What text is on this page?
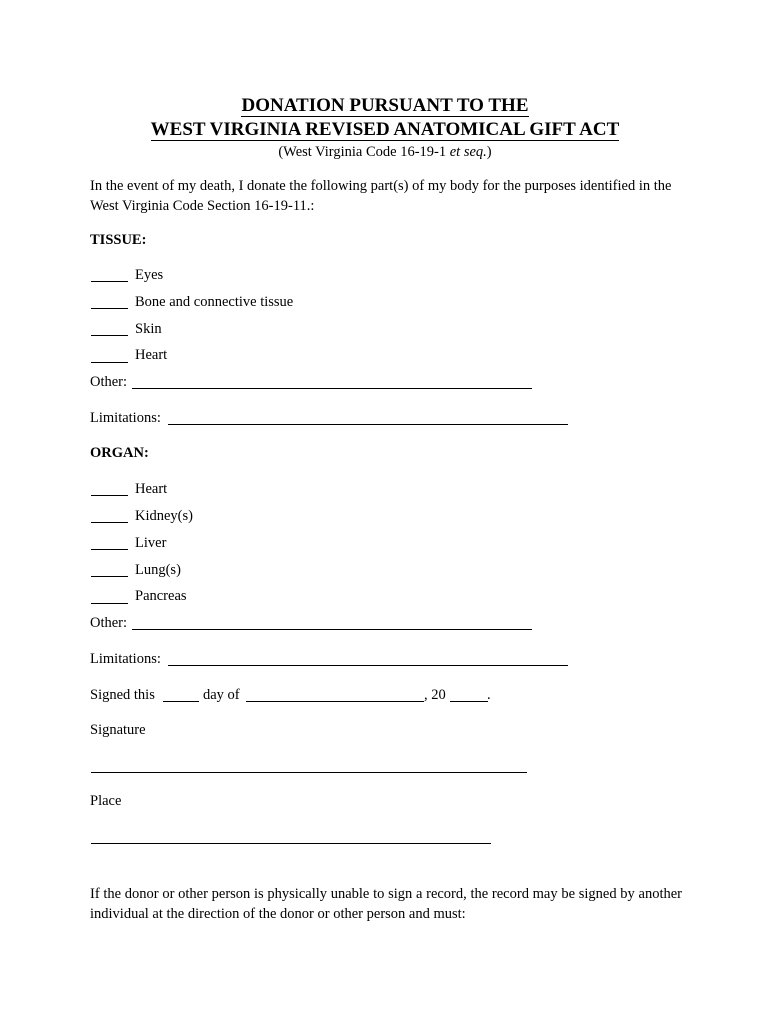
DONATION PURSUANT TO THE
WEST VIRGINIA REVISED ANATOMICAL GIFT ACT
(West Virginia Code 16-19-1 et seq.)
In the event of my death, I donate the following part(s) of my body for the purposes identified in the West Virginia Code Section 16-19-11.:
TISSUE:
Eyes
Bone and connective tissue
Skin
Heart
Other:
Limitations:
ORGAN:
Heart
Kidney(s)
Liver
Lung(s)
Pancreas
Other:
Limitations:
Signed this	day of	, 20	.
Signature
Place
If the donor or other person is physically unable to sign a record, the record may be signed by another individual at the direction of the donor or other person and must:
